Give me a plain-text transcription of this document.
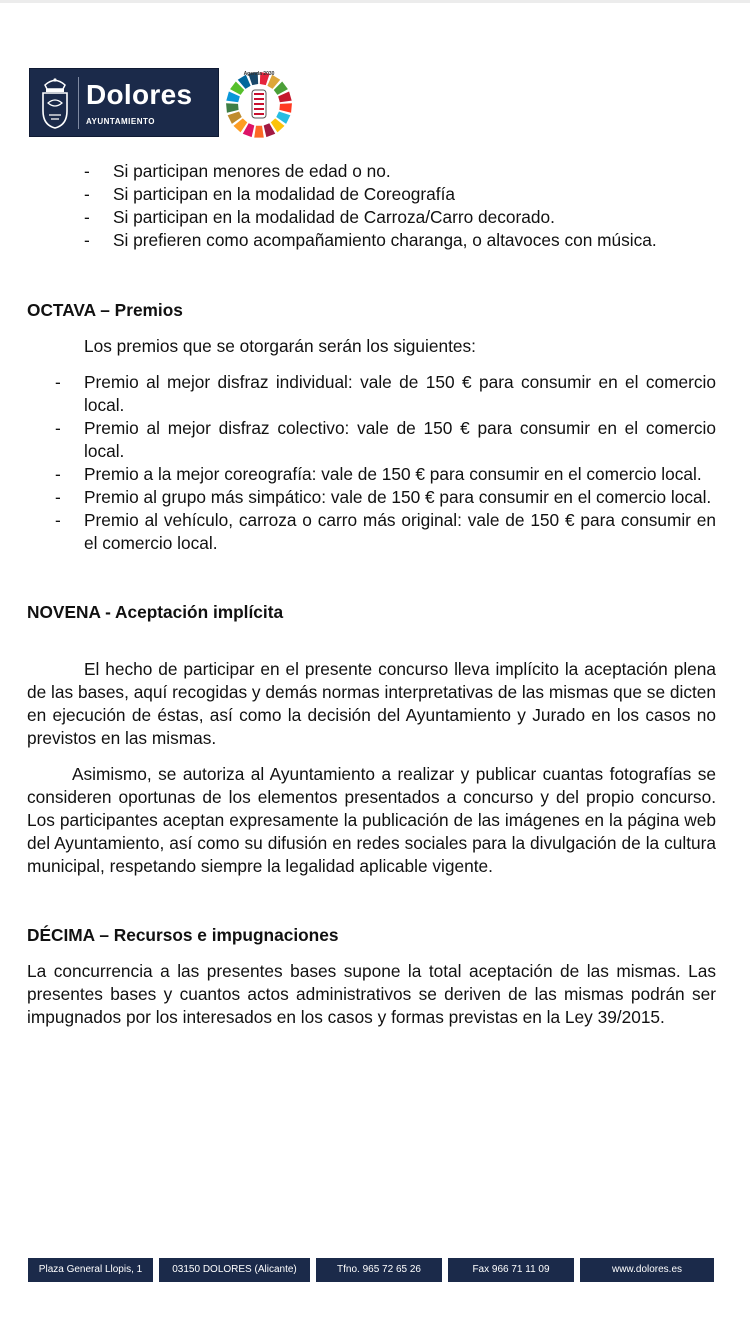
Dolores
AYUNTAMIENTO
Agenda 2030
- Si participan menores de edad o no.
- Si participan en la modalidad de Coreografía
- Si participan en la modalidad de Carroza/Carro decorado.
- Si prefieren como acompañamiento charanga, o altavoces con música.
OCTAVA – Premios

Los premios que se otorgarán serán los siguientes:

- Premio al mejor disfraz individual: vale de 150 € para consumir en el comercio local.
- Premio al mejor disfraz colectivo: vale de 150 € para consumir en el comercio local.
- Premio a la mejor coreografía: vale de 150 € para consumir en el comercio local.
- Premio al grupo más simpático: vale de 150 € para consumir en el comercio local.
- Premio al vehículo, carroza o carro más original: vale de 150 € para consumir en el comercio local.
NOVENA - Aceptación implícita

El hecho de participar en el presente concurso lleva implícito la aceptación plena de las bases, aquí recogidas y demás normas interpretativas de las mismas que se dicten en ejecución de éstas, así como la decisión del Ayuntamiento y Jurado en los casos no previstos en las mismas.

Asimismo, se autoriza al Ayuntamiento a realizar y publicar cuantas fotografías se consideren oportunas de los elementos presentados a concurso y del propio concurso. Los participantes aceptan expresamente la publicación de las imágenes en la página web del Ayuntamiento, así como su difusión en redes sociales para la divulgación de la cultura municipal, respetando siempre la legalidad aplicable vigente.

DÉCIMA – Recursos e impugnaciones

La concurrencia a las presentes bases supone la total aceptación de las mismas. Las presentes bases y cuantos actos administrativos se deriven de las mismas podrán ser impugnados por los interesados en los casos y formas previstas en la Ley 39/2015.

Plaza General Llopis, 1	03150 DOLORES (Alicante)	Tfno. 965 72 65 26	Fax 966 71 11 09	www.dolores.es
